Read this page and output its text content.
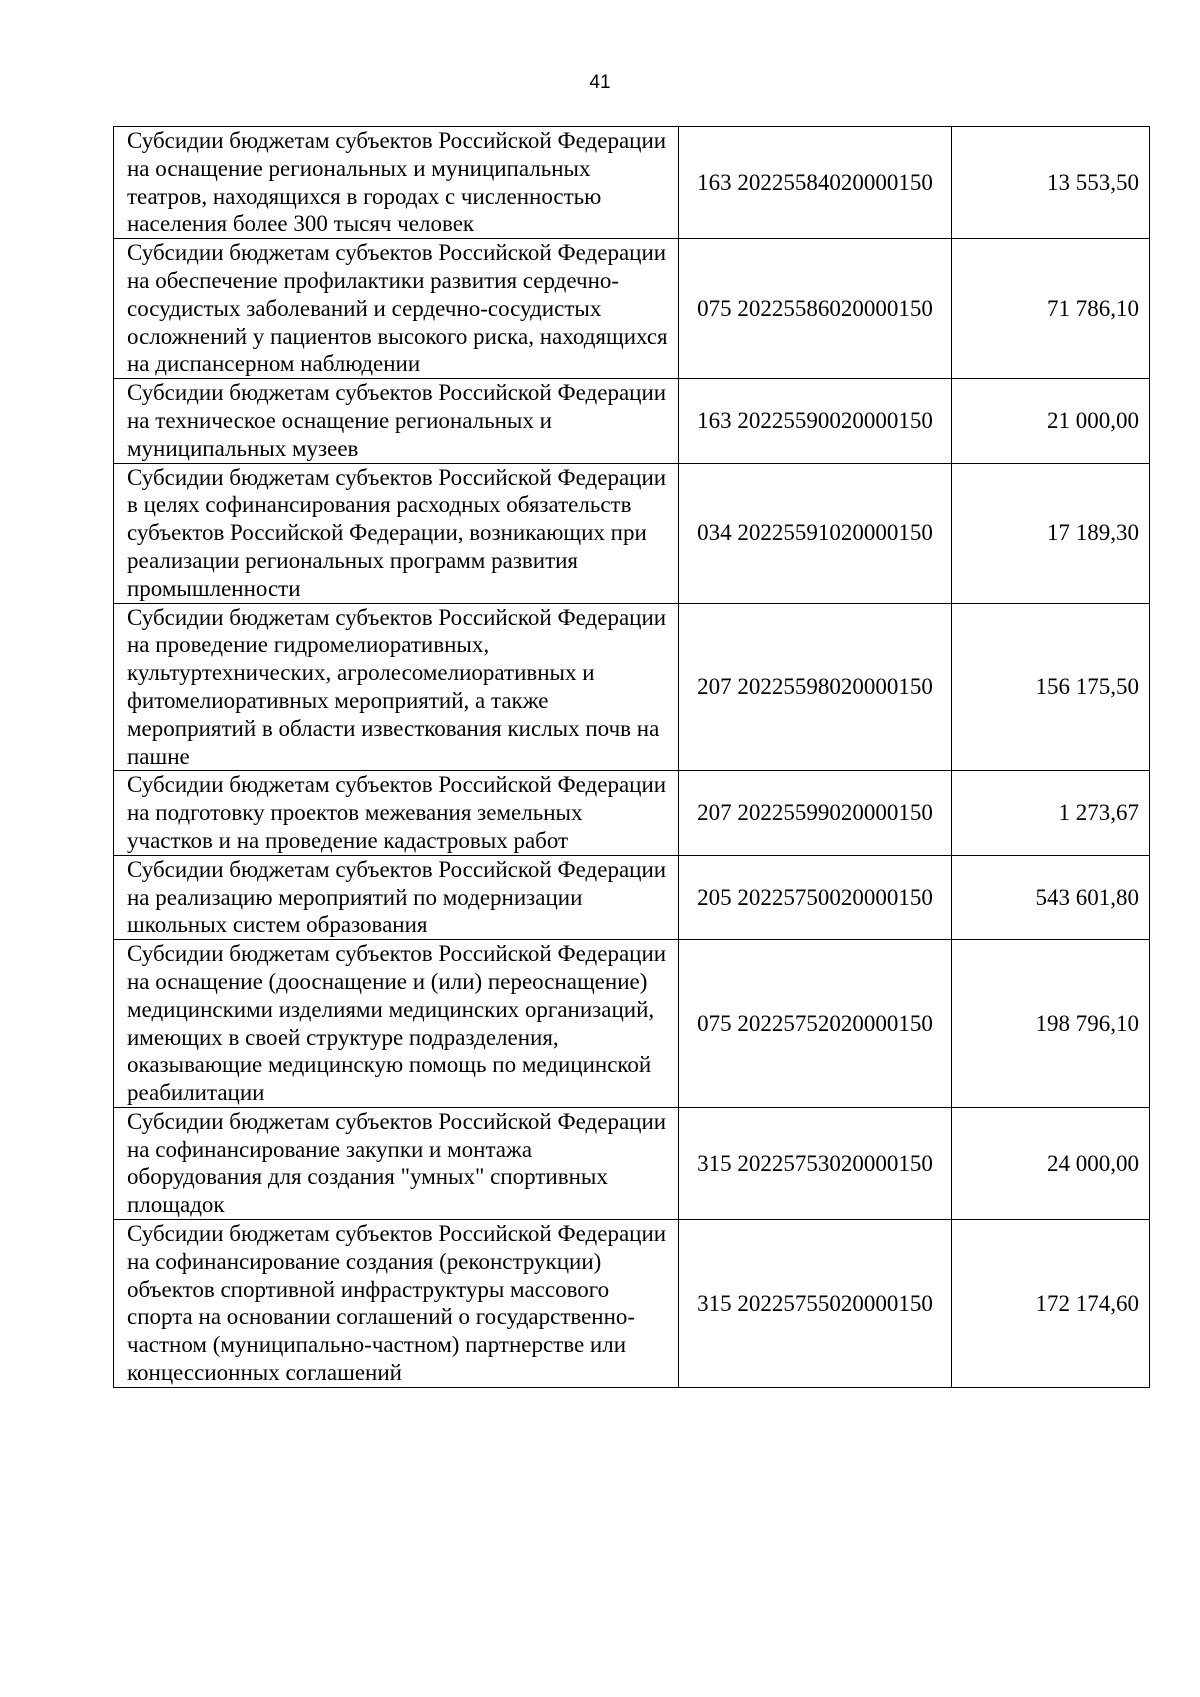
41
Субсидии бюджетам субъектов Российской Федерации на оснащение региональных и муниципальных театров, находящихся в городах с численностью населения более 300 тысяч человек	163 20225584020000150	13 553,50
Субсидии бюджетам субъектов Российской Федерации на обеспечение профилактики развития сердечно-сосудистых заболеваний и сердечно-сосудистых осложнений у пациентов высокого риска, находящихся на диспансерном наблюдении	075 20225586020000150	71 786,10
Субсидии бюджетам субъектов Российской Федерации на техническое оснащение региональных и муниципальных музеев	163 20225590020000150	21 000,00
Субсидии бюджетам субъектов Российской Федерации в целях софинансирования расходных обязательств субъектов Российской Федерации, возникающих при реализации региональных программ развития промышленности	034 20225591020000150	17 189,30
Субсидии бюджетам субъектов Российской Федерации на проведение гидромелиоративных, культуртехнических, агролесомелиоративных и фитомелиоративных мероприятий, а также мероприятий в области известкования кислых почв на пашне	207 20225598020000150	156 175,50
Субсидии бюджетам субъектов Российской Федерации на подготовку проектов межевания земельных участков и на проведение кадастровых работ	207 20225599020000150	1 273,67
Субсидии бюджетам субъектов Российской Федерации на реализацию мероприятий по модернизации школьных систем образования	205 20225750020000150	543 601,80
Субсидии бюджетам субъектов Российской Федерации на оснащение (дооснащение и (или) переоснащение) медицинскими изделиями медицинских организаций, имеющих в своей структуре подразделения, оказывающие медицинскую помощь по медицинской реабилитации	075 20225752020000150	198 796,10
Субсидии бюджетам субъектов Российской Федерации на софинансирование закупки и монтажа оборудования для создания "умных" спортивных площадок	315 20225753020000150	24 000,00
Субсидии бюджетам субъектов Российской Федерации на софинансирование создания (реконструкции) объектов спортивной инфраструктуры массового спорта на основании соглашений о государственно-частном (муниципально-частном) партнерстве или концессионных соглашений	315 20225755020000150	172 174,60
